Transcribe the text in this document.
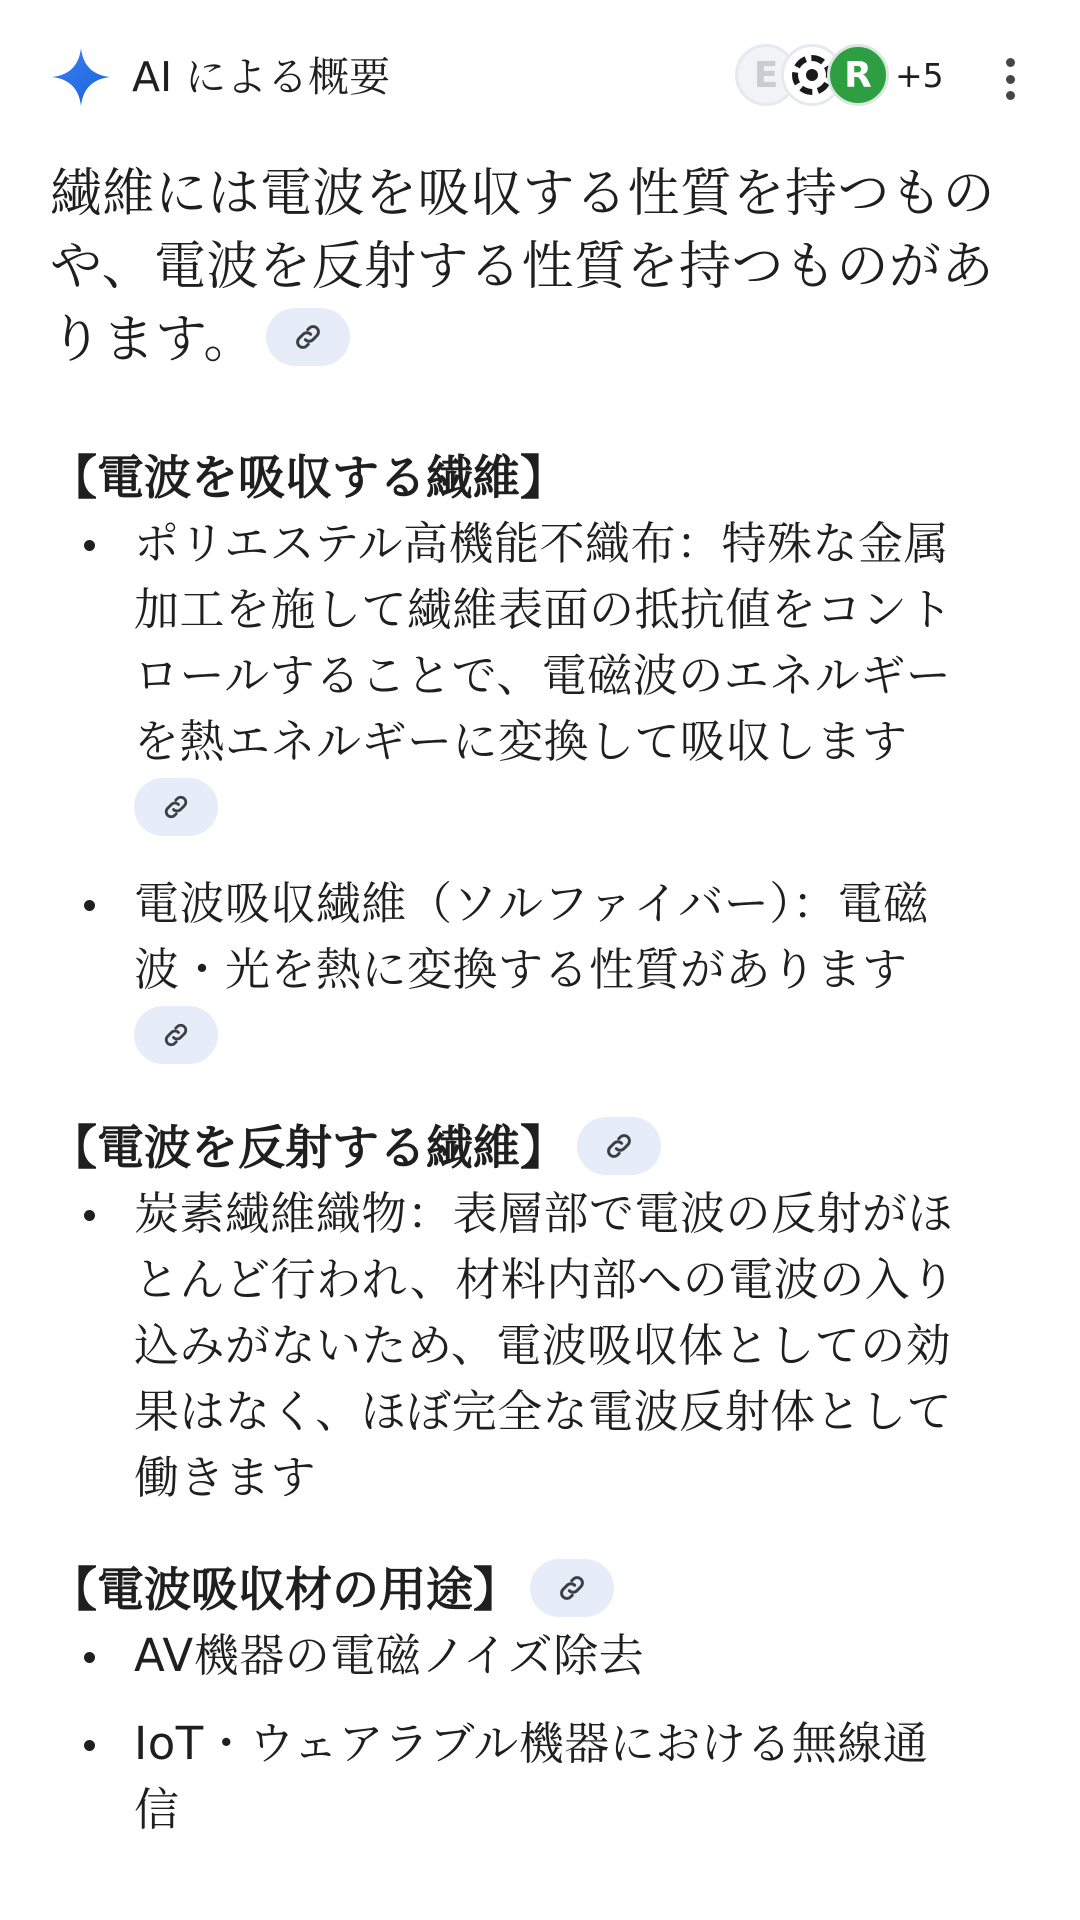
AI による概要	E	R +5

繊維には電波を吸収する性質を持つものや、電波を反射する性質を持つものがあります。

【電波を吸収する繊維】
ポリエステル高機能不織布：特殊な金属加工を施して繊維表面の抵抗値をコントロールすることで、電磁波のエネルギーを熱エネルギーに変換して吸収します
電波吸収繊維（ソルファイバー）：電磁波・光を熱に変換する性質があります
【電波を反射する繊維】
炭素繊維織物：表層部で電波の反射がほとんど行われ、材料内部への電波の入り込みがないため、電波吸収体としての効果はなく、ほぼ完全な電波反射体として働きます
【電波吸収材の用途】
AV機器の電磁ノイズ除去
IoT・ウェアラブル機器における無線通信
